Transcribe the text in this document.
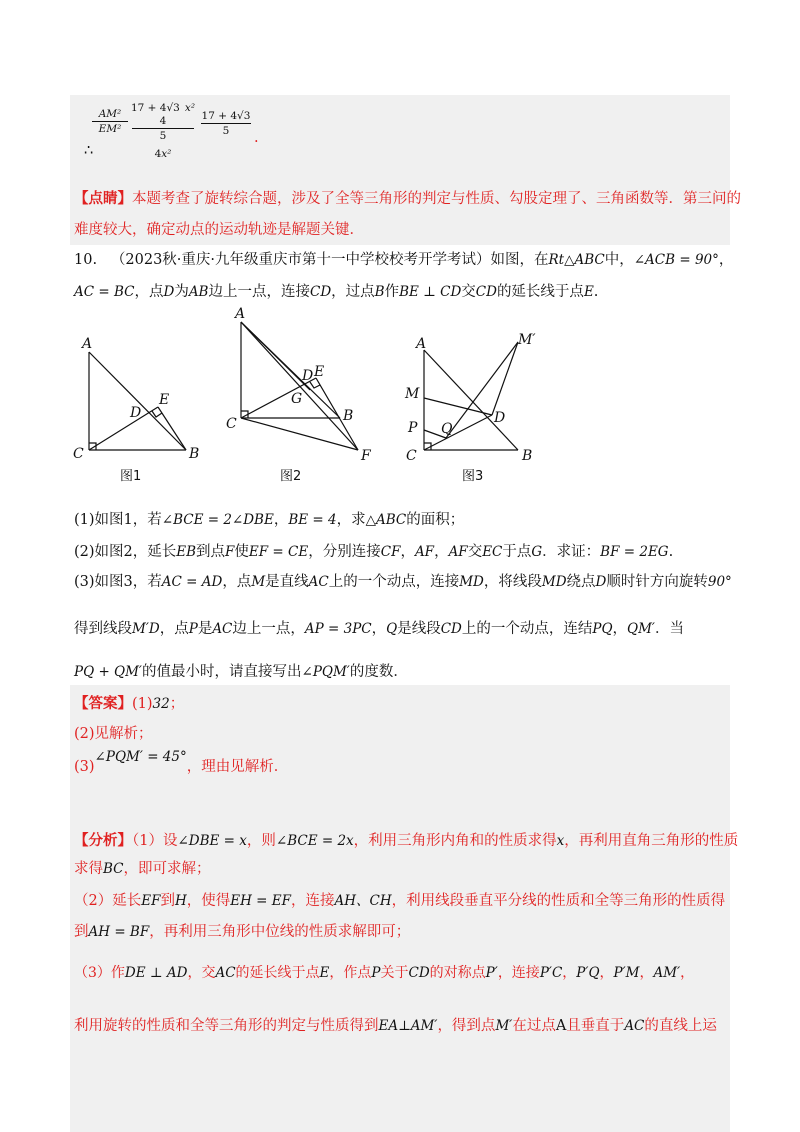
AM²
EM²
17 + 4√3 x²
4
5
4x²
17 + 4√3
5	.
∴
【点睛】本题考查了旋转综合题，涉及了全等三角形的判定与性质、勾股定理了、三角函数等．第三问的
难度较大，确定动点的运动轨迹是解题关键．
10. （2023秋·重庆·九年级重庆市第十一中学校校考开学考试）如图，在Rt△ABC中，∠ACB = 90°，
AC = BC，点D为AB边上一点，连接CD，过点B作BE ⊥ CD交CD的延长线于点E.
A
C	B
D
E
图1
A
C	B
D E
G
F
图2
A
C	B
D
M
P Q
M′
图3
(1)如图1，若∠BCE = 2∠DBE，BE = 4，求△ABC的面积；
(2)如图2，延长EB到点F使EF = CE，分别连接CF，AF，AF交EC于点G．求证：BF = 2EG.
(3)如图3，若AC = AD，点M是直线AC上的一个动点，连接MD，将线段MD绕点D顺时针方向旋转90°
得到线段M′D，点P是AC边上一点，AP = 3PC，Q是线段CD上的一个动点，连结PQ，QM′．当
PQ + QM′的值最小时，请直接写出∠PQM′的度数．
【答案】(1)32；
(2)见解析；
(3)∠PQM′ = 45°，理由见解析．
【分析】（1）设∠DBE = x，则∠BCE = 2x，利用三角形内角和的性质求得x，再利用直角三角形的性质
求得BC，即可求解；
（2）延长EF到H，使得EH = EF，连接AH、CH，利用线段垂直平分线的性质和全等三角形的性质得
到AH = BF，再利用三角形中位线的性质求解即可；
（3）作DE ⊥ AD，交AC的延长线于点E，作点P关于CD的对称点P′，连接P′C，P′Q，P′M，AM′，
利用旋转的性质和全等三角形的判定与性质得到EA⊥AM′，得到点M′在过点A且垂直于AC的直线上运
